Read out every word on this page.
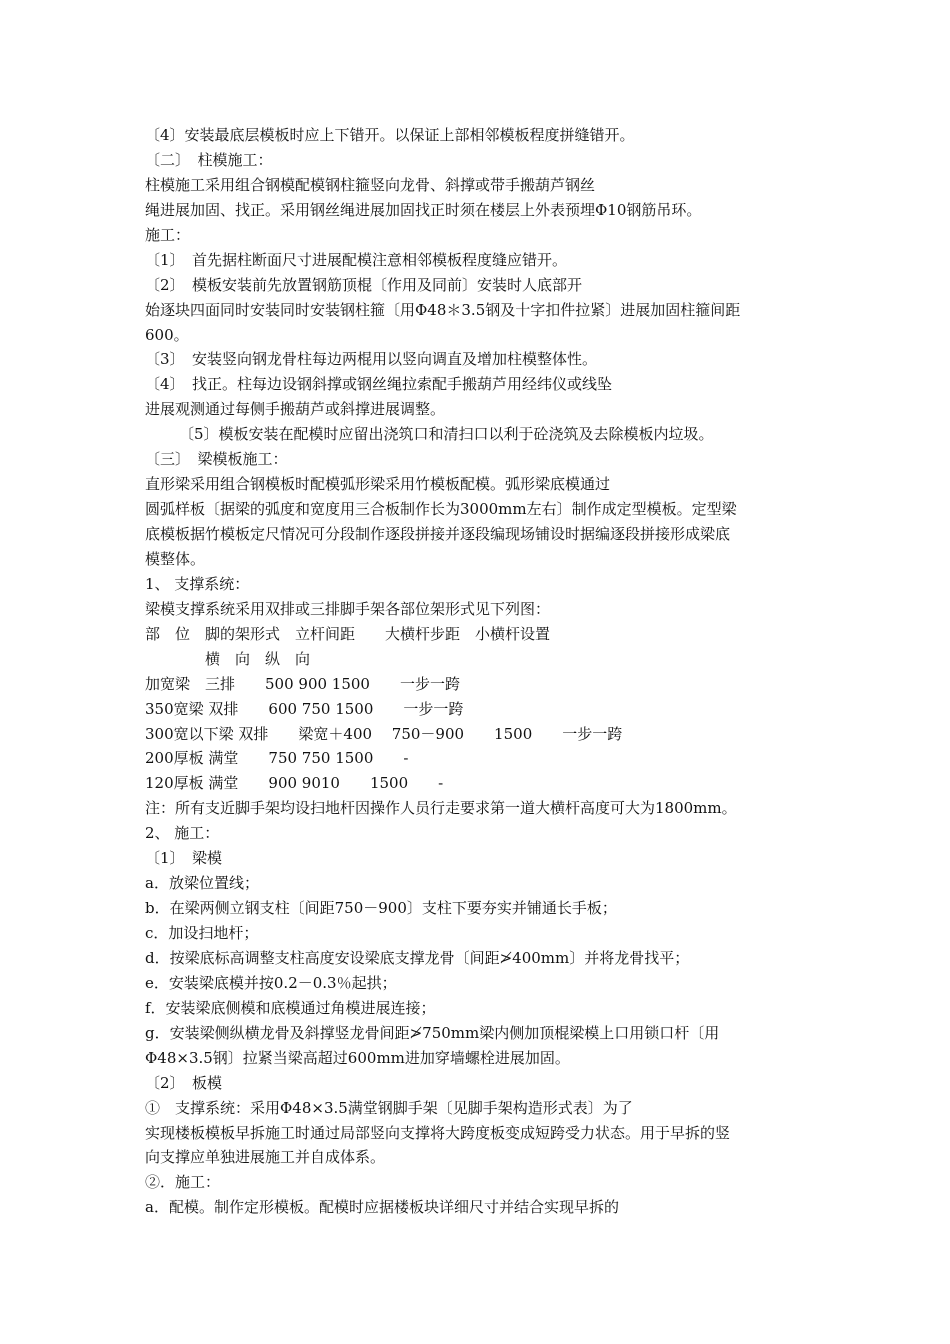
〔4〕安装最底层模板时应上下错开。以保证上部相邻模板程度拼缝错开。
〔二〕　柱模施工：
柱模施工采用组合钢模配模钢柱箍竖向龙骨、斜撑或带手搬葫芦钢丝
绳进展加固、找正。采用钢丝绳进展加固找正时须在楼层上外表预埋Φ10钢筋吊环。
施工：
〔1〕　首先据柱断面尺寸进展配模注意相邻模板程度缝应错开。
〔2〕　模板安装前先放置钢筋顶棍〔作用及同前〕安装时人底部开
始逐块四面同时安装同时安装钢柱箍〔用Φ48＊3.5钢及十字扣件拉紧〕进展加固柱箍间距
600。
〔3〕　安装竖向钢龙骨柱每边两棍用以竖向调直及增加柱模整体性。
〔4〕　找正。柱每边设钢斜撑或钢丝绳拉索配手搬葫芦用经纬仪或线坠
进展观测通过每侧手搬葫芦或斜撑进展调整。
〔5〕模板安装在配模时应留出浇筑口和清扫口以利于砼浇筑及去除模板内垃圾。
〔三〕　梁模板施工：
直形梁采用组合钢模板时配模弧形梁采用竹模板配模。弧形梁底模通过
圆弧样板〔据梁的弧度和宽度用三合板制作长为3000mm左右〕制作成定型模板。定型梁
底模板据竹模板定尺情况可分段制作逐段拼接并逐段编现场铺设时据编逐段拼接形成梁底
模整体。
1、 支撑系统：
梁模支撑系统采用双排或三排脚手架各部位架形式见下列图：
部　位　脚的架形式　立杆间距　　大横杆步距　小横杆设置
　　　　横　向　纵　向
加宽梁　三排　　500 900 1500　　一步一跨
350宽梁 双排　　600 750 1500　　一步一跨
300宽以下梁 双排　　梁宽＋400　 750－900　　1500　　一步一跨
200厚板 满堂　　750 750 1500　　-
120厚板 满堂　　900 9010　　1500　　-
注：所有支近脚手架均设扫地杆因操作人员行走要求第一道大横杆高度可大为1800mm。
2、 施工：
〔1〕　梁模
a．放梁位置线；
b．在梁两侧立钢支柱〔间距750－900〕支柱下要夯实并铺通长手板；
c．加设扫地杆；
d．按梁底标高调整支柱高度安设梁底支撑龙骨〔间距≯400mm〕并将龙骨找平；
e．安装梁底模并按0.2－0.3％起拱；
f．安装梁底侧模和底模通过角模进展连接；
g．安装梁侧纵横龙骨及斜撑竖龙骨间距≯750mm梁内侧加顶棍梁模上口用锁口杆〔用
Φ48×3.5钢〕拉紧当梁高超过600mm进加穿墙螺栓进展加固。
〔2〕　板模
①　支撑系统：采用Φ48×3.5满堂钢脚手架〔见脚手架构造形式表〕为了
实现楼板模板早拆施工时通过局部竖向支撑将大跨度板变成短跨受力状态。用于早拆的竖
向支撑应单独进展施工并自成体系。
②．施工：
a．配模。制作定形模板。配模时应据楼板块详细尺寸并结合实现早拆的
